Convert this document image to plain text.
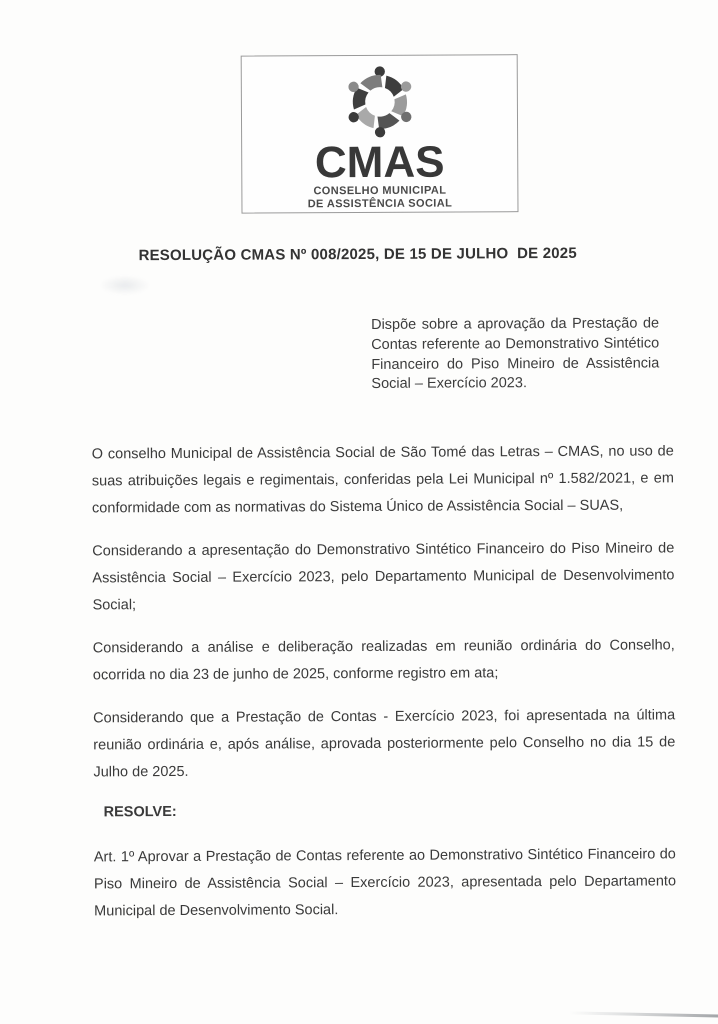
CMAS
CONSELHO MUNICIPAL
DE ASSISTÊNCIA SOCIAL
RESOLUÇÃO CMAS Nº 008/2025, DE 15 DE JULHO  DE 2025
Dispõe sobre a aprovação da Prestação de Contas referente ao Demonstrativo Sintético Financeiro do Piso Mineiro de Assistência Social – Exercício 2023.

O conselho Municipal de Assistência Social de São Tomé das Letras – CMAS, no uso de suas atribuições legais e regimentais, conferidas pela Lei Municipal nº 1.582/2021, e em conformidade com as normativas do Sistema Único de Assistência Social – SUAS,

Considerando a apresentação do Demonstrativo Sintético Financeiro do Piso Mineiro de Assistência Social – Exercício 2023, pelo Departamento Municipal de Desenvolvimento Social;

Considerando a análise e deliberação realizadas em reunião ordinária do Conselho, ocorrida no dia 23 de junho de 2025, conforme registro em ata;

Considerando que a Prestação de Contas - Exercício 2023, foi apresentada na última reunião ordinária e, após análise, aprovada posteriormente pelo Conselho no dia 15 de Julho de 2025.

RESOLVE:

Art. 1º Aprovar a Prestação de Contas referente ao Demonstrativo Sintético Financeiro do Piso Mineiro de Assistência Social – Exercício 2023, apresentada pelo Departamento Municipal de Desenvolvimento Social.
